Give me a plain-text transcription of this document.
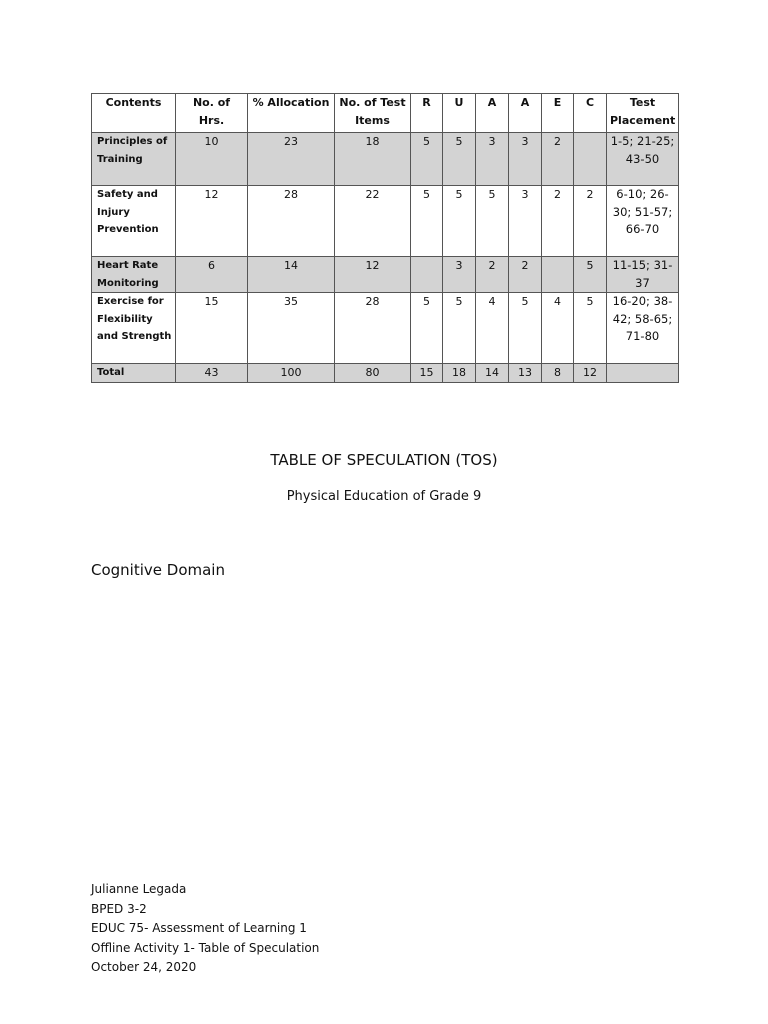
Contents	No. of Hrs.	% Allocation	No. of Test Items	R	U	A	A	E	C	Test Placement
Principles of Training	10	23	18	5	5	3	3	2		1-5; 21-25; 43-50
Safety and Injury Prevention	12	28	22	5	5	5	3	2	2	6-10; 26-30; 51-57; 66-70
Heart Rate Monitoring	6	14	12		3	2	2		5	11-15; 31-37
Exercise for Flexibility and Strength	15	35	28	5	5	4	5	4	5	16-20; 38-42; 58-65; 71-80
Total	43	100	80	15	18	14	13	8	12	
TABLE OF SPECULATION (TOS)
Physical Education of Grade 9
Cognitive Domain
Julianne Legada
BPED 3-2
EDUC 75- Assessment of Learning 1
Offline Activity 1- Table of Speculation
October 24, 2020
